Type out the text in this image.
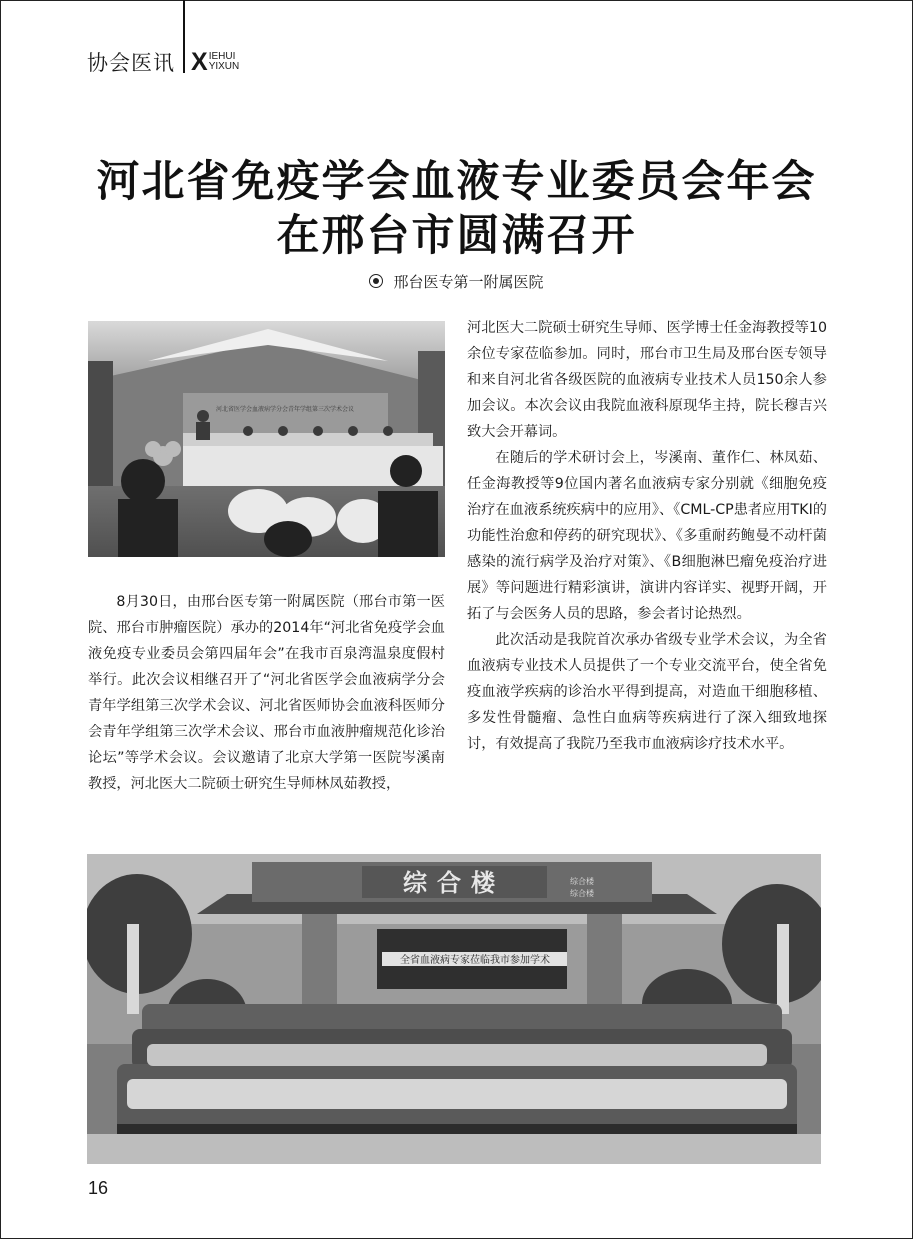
协会医讯 X IEHUI
YIXUN
河北省免疫学会血液专业委员会年会
在邢台市圆满召开
邢台医专第一附属医院
河北省医学会血液病学分会青年学组第三次学术会议

8月30日，由邢台医专第一附属医院（邢台市第一医院、邢台市肿瘤医院）承办的2014年“河北省免疫学会血液免疫专业委员会第四届年会”在我市百泉湾温泉度假村举行。此次会议相继召开了“河北省医学会血液病学分会青年学组第三次学术会议、河北省医师协会血液科医师分会青年学组第三次学术会议、邢台市血液肿瘤规范化诊治论坛”等学术会议。会议邀请了北京大学第一医院岑溪南教授，河北医大二院硕士研究生导师林凤茹教授，

河北医大二院硕士研究生导师、医学博士任金海教授等10余位专家莅临参加。同时，邢台市卫生局及邢台医专领导和来自河北省各级医院的血液病专业技术人员150余人参加会议。本次会议由我院血液科原现华主持，院长穆吉兴致大会开幕词。

在随后的学术研讨会上，岑溪南、董作仁、林凤茹、任金海教授等9位国内著名血液病专家分别就《细胞免疫治疗在血液系统疾病中的应用》、《CML-CP患者应用TKI的功能性治愈和停药的研究现状》、《多重耐药鲍曼不动杆菌感染的流行病学及治疗对策》、《B细胞淋巴瘤免疫治疗进展》等问题进行精彩演讲，演讲内容详实、视野开阔，开拓了与会医务人员的思路，参会者讨论热烈。

此次活动是我院首次承办省级专业学术会议，为全省血液病专业技术人员提供了一个专业交流平台，使全省免疫血液学疾病的诊治水平得到提高，对造血干细胞移植、多发性骨髓瘤、急性白血病等疾病进行了深入细致地探讨，有效提高了我院乃至我市血液病诊疗技术水平。

综合楼	综合楼
综合楼
全省血液病专家莅临我市参加学术
16
